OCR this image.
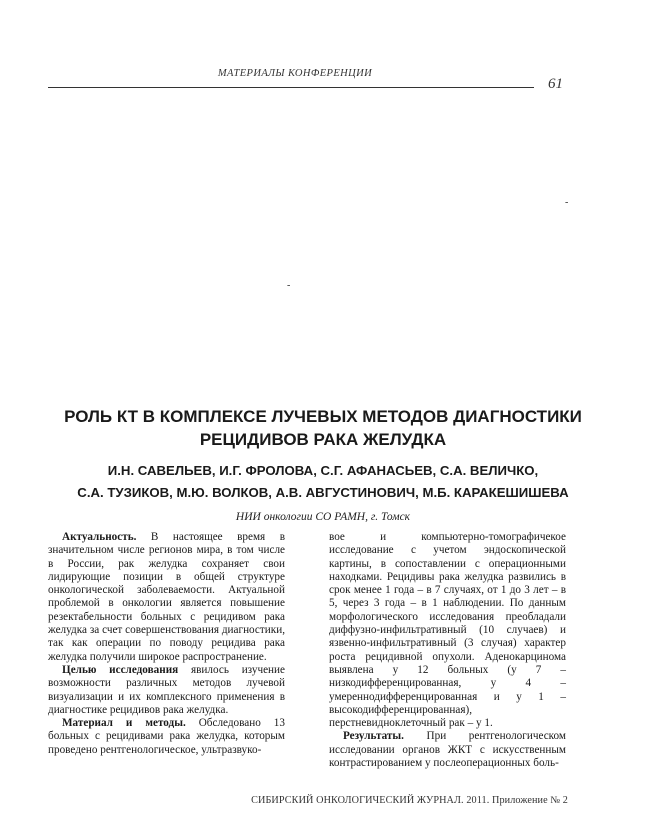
МАТЕРИАЛЫ КОНФЕРЕНЦИИ
61
-
-
РОЛЬ КТ В КОМПЛЕКСЕ ЛУЧЕВЫХ МЕТОДОВ ДИАГНОСТИКИ
РЕЦИДИВОВ РАКА ЖЕЛУДКА
И.Н. САВЕЛЬЕВ, И.Г. ФРОЛОВА, С.Г. АФАНАСЬЕВ, С.А. ВЕЛИЧКО,
С.А. ТУЗИКОВ, М.Ю. ВОЛКОВ, А.В. АВГУСТИНОВИЧ, М.Б. КАРАКЕШИШЕВА
НИИ онкологии СО РАМН, г. Томск

Актуальность. В настоящее время в значительном числе регионов мира, в том числе в России, рак желудка сохраняет свои лидирующие позиции в общей структуре онкологической заболеваемости. Актуальной проблемой в онкологии является повышение резектабельности больных с рецидивом рака желудка за счет совершенствования диагностики, так как операции по поводу рецидива рака желудка получили широкое распространение.

Целью исследования явилось изучение возможности различных методов лучевой визуализации и их комплексного применения в диагностике рецидивов рака желудка.

Материал и методы. Обследовано 13 больных с рецидивами рака желудка, которым проведено рентгенологическое, ультразвуко-

вое и компьютерно-томографичекое исследование с учетом эндоскопической картины, в сопоставлении с операционными находками. Рецидивы рака желудка развились в срок менее 1 года – в 7 случаях, от 1 до 3 лет – в 5, через 3 года – в 1 наблюдении. По данным морфологического исследования преобладали диффузно-инфильтративный (10 случаев) и язвенно-инфильтративный (3 случая) характер роста рецидивной опухоли. Аденокарцинома выявлена у 12 больных (у 7 – низкодифференцированная, у 4 – умереннодифференцированная и у 1 – высокодифференцированная), перстневидноклеточный рак – у 1.

Результаты. При рентгенологическом исследовании органов ЖКТ с искусственным контрастированием у послеоперационных боль-

СИБИРСКИЙ ОНКОЛОГИЧЕСКИЙ ЖУРНАЛ. 2011. Приложение № 2
